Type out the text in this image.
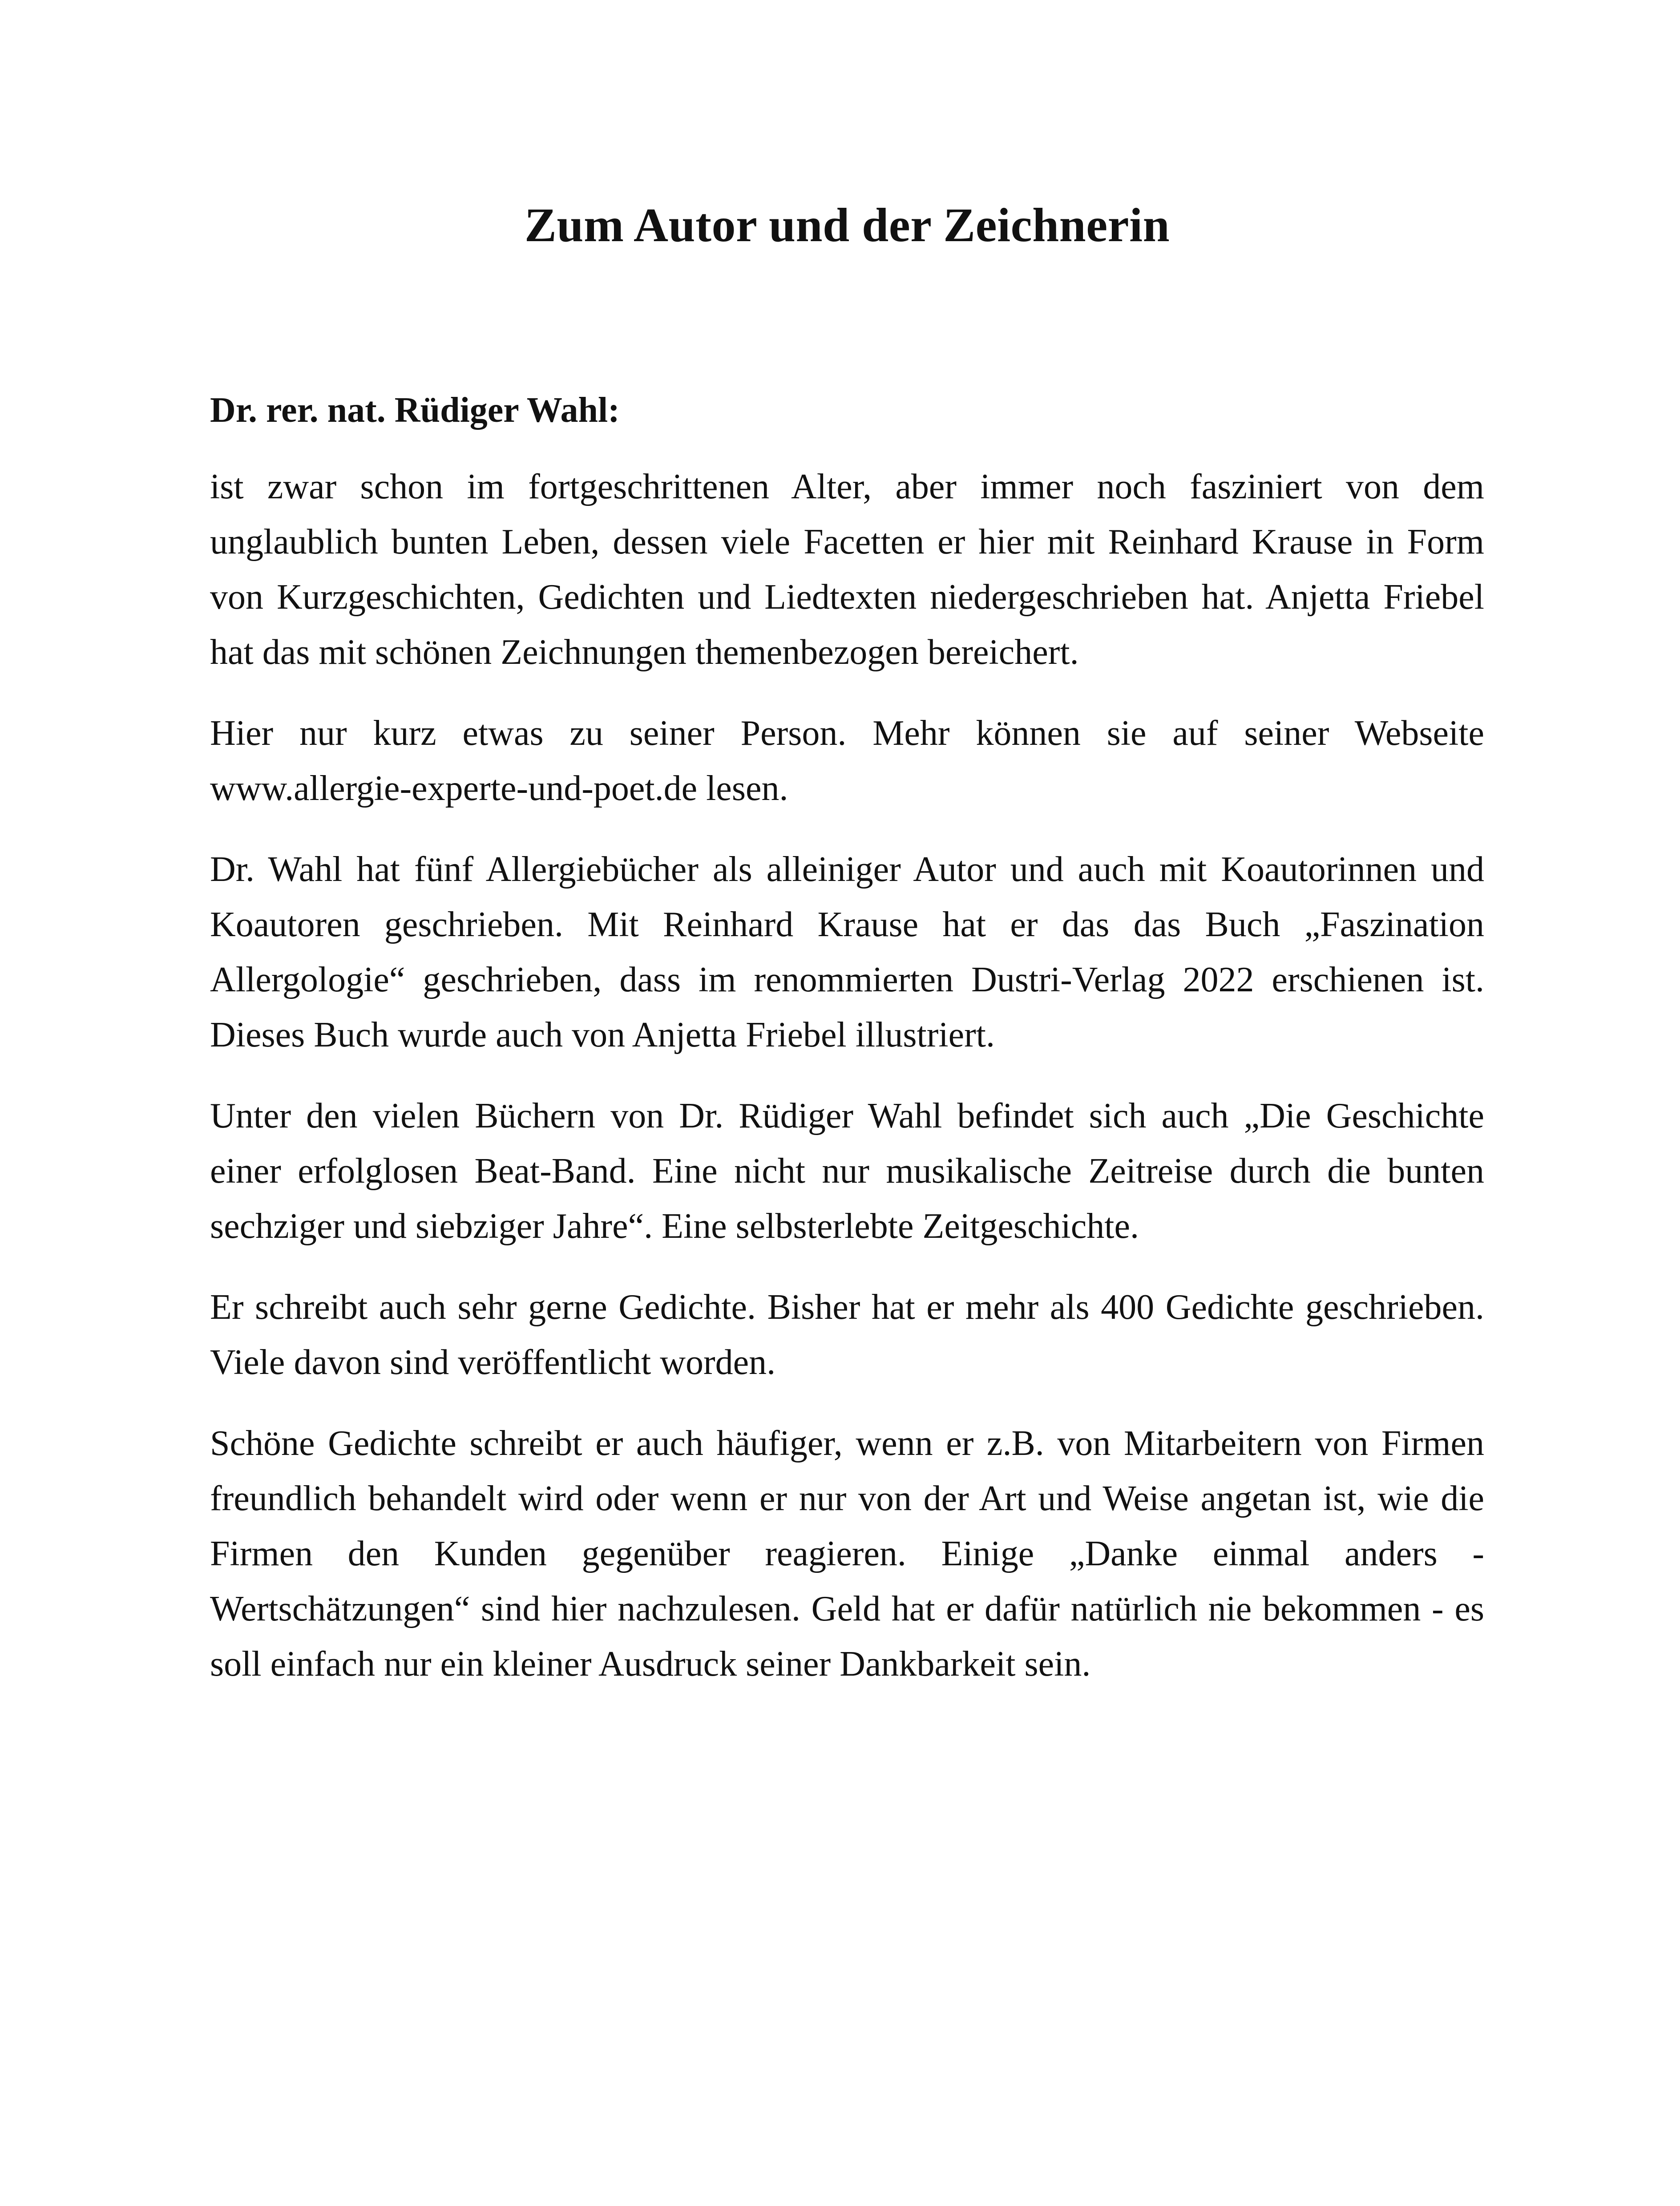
Zum Autor und der Zeichnerin
Dr. rer. nat. Rüdiger Wahl:

ist zwar schon im fortgeschrittenen Alter, aber immer noch fasziniert von dem unglaublich bunten Leben, dessen viele Facetten er hier mit Reinhard Krause in Form von Kurzgeschichten, Gedichten und Liedtexten niedergeschrieben hat. Anjetta Friebel hat das mit schönen Zeichnungen themenbezogen bereichert.

Hier nur kurz etwas zu seiner Person. Mehr können sie auf seiner Webseite www.allergie-experte-und-poet.de lesen.

Dr. Wahl hat fünf Allergiebücher als alleiniger Autor und auch mit Koautorinnen und Koautoren geschrieben. Mit Reinhard Krause hat er das das Buch „Faszination Allergologie“ geschrieben, dass im renommierten Dustri-Verlag 2022 erschienen ist. Dieses Buch wurde auch von Anjetta Friebel illustriert.

Unter den vielen Büchern von Dr. Rüdiger Wahl befindet sich auch „Die Geschichte einer erfolglosen Beat-Band. Eine nicht nur musikalische Zeitreise durch die bunten sechziger und siebziger Jahre“. Eine selbsterlebte Zeitgeschichte.

Er schreibt auch sehr gerne Gedichte. Bisher hat er mehr als 400 Gedichte geschrieben. Viele davon sind veröffentlicht worden.

Schöne Gedichte schreibt er auch häufiger, wenn er z.B. von Mitarbeitern von Firmen freundlich behandelt wird oder wenn er nur von der Art und Weise angetan ist, wie die Firmen den Kunden gegenüber reagieren. Einige „Danke einmal anders - Wertschätzungen“ sind hier nachzulesen. Geld hat er dafür natürlich nie bekommen - es soll einfach nur ein kleiner Ausdruck seiner Dankbarkeit sein.
